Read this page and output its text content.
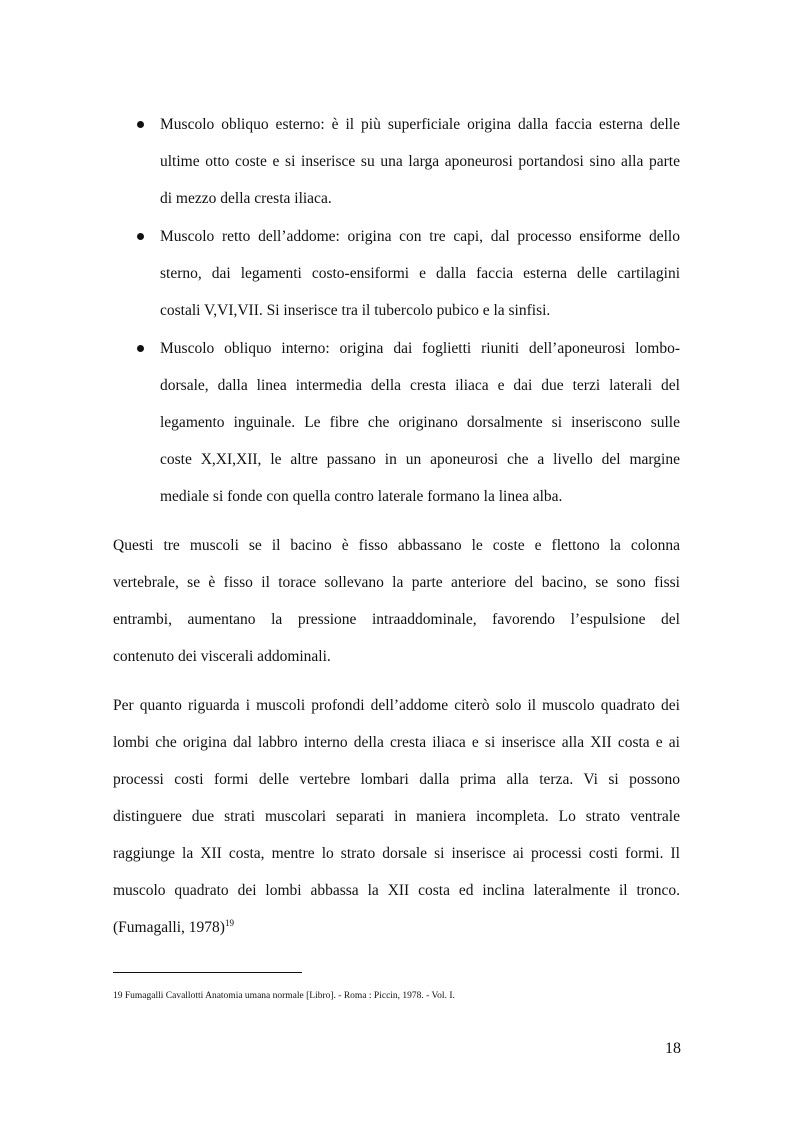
Muscolo obliquo esterno: è il più superficiale origina dalla faccia esterna delle
ultime otto coste e si inserisce su una larga aponeurosi portandosi sino alla parte
di mezzo della cresta iliaca.
Muscolo retto dell’addome: origina con tre capi, dal processo ensiforme dello
sterno, dai legamenti costo-ensiformi e dalla faccia esterna delle cartilagini
costali V,VI,VII. Si inserisce tra il tubercolo pubico e la sinfisi.
Muscolo obliquo interno: origina dai foglietti riuniti dell’aponeurosi lombo-
dorsale, dalla linea intermedia della cresta iliaca e dai due terzi laterali del
legamento inguinale. Le fibre che originano dorsalmente si inseriscono sulle
coste X,XI,XII, le altre passano in un aponeurosi che a livello del margine
mediale si fonde con quella contro laterale formano la linea alba.
Questi tre muscoli se il bacino è fisso abbassano le coste e flettono la colonna
vertebrale, se è fisso il torace sollevano la parte anteriore del bacino, se sono fissi
entrambi, aumentano la pressione intraaddominale, favorendo l’espulsione del
contenuto dei viscerali addominali.
Per quanto riguarda i muscoli profondi dell’addome citerò solo il muscolo quadrato dei
lombi che origina dal labbro interno della cresta iliaca e si inserisce alla XII costa e ai
processi costi formi delle vertebre lombari dalla prima alla terza. Vi si possono
distinguere due strati muscolari separati in maniera incompleta. Lo strato ventrale
raggiunge la XII costa, mentre lo strato dorsale si inserisce ai processi costi formi. Il
muscolo quadrato dei lombi abbassa la XII costa ed inclina lateralmente il tronco.
(Fumagalli, 1978)$^{19}$
19 Fumagalli Cavallotti Anatomia umana normale [Libro]. - Roma : Piccin, 1978. - Vol. I.
18
